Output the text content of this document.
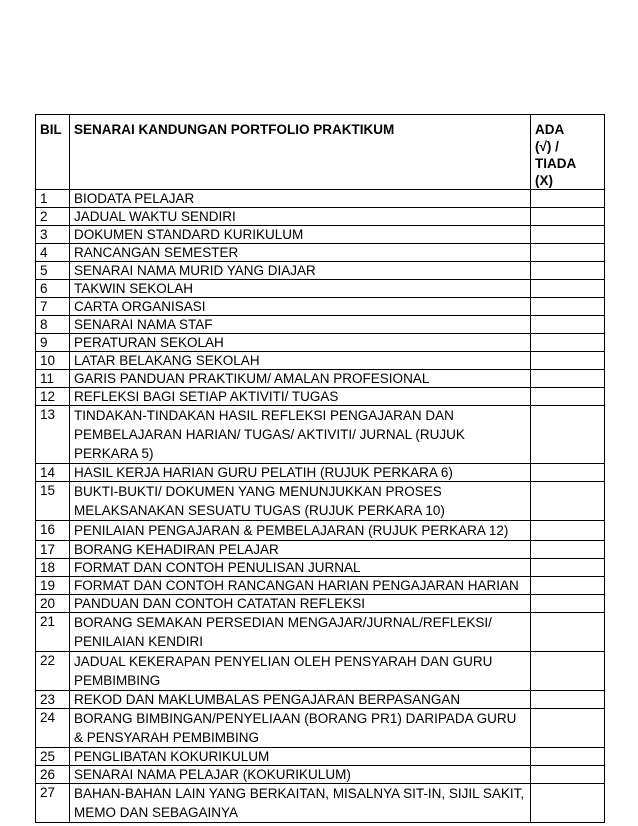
BIL	SENARAI KANDUNGAN PORTFOLIO PRAKTIKUM	ADA
(√) /
TIADA
(X)

1	BIODATA PELAJAR	
2	JADUAL WAKTU SENDIRI	
3	DOKUMEN STANDARD KURIKULUM	
4	RANCANGAN SEMESTER	
5	SENARAI NAMA MURID YANG DIAJAR	
6	TAKWIN SEKOLAH	
7	CARTA ORGANISASI	
8	SENARAI NAMA STAF	
9	PERATURAN SEKOLAH	
10	LATAR BELAKANG SEKOLAH	
11	GARIS PANDUAN PRAKTIKUM/ AMALAN PROFESIONAL	
12	REFLEKSI BAGI SETIAP AKTIVITI/ TUGAS	
13	TINDAKAN-TINDAKAN HASIL REFLEKSI PENGAJARAN DAN PEMBELAJARAN HARIAN/ TUGAS/ AKTIVITI/ JURNAL (RUJUK PERKARA 5)	
14	HASIL KERJA HARIAN GURU PELATIH (RUJUK PERKARA 6)	
15	BUKTI-BUKTI/ DOKUMEN YANG MENUNJUKKAN PROSES MELAKSANAKAN SESUATU TUGAS (RUJUK PERKARA 10)	
16	PENILAIAN PENGAJARAN & PEMBELAJARAN (RUJUK PERKARA 12)	
17	BORANG KEHADIRAN PELAJAR	
18	FORMAT DAN CONTOH PENULISAN JURNAL	
19	FORMAT DAN CONTOH RANCANGAN HARIAN PENGAJARAN HARIAN	
20	PANDUAN DAN CONTOH CATATAN REFLEKSI	
21	BORANG SEMAKAN PERSEDIAN MENGAJAR/JURNAL/REFLEKSI/ PENILAIAN KENDIRI	
22	JADUAL KEKERAPAN PENYELIAN OLEH PENSYARAH DAN GURU PEMBIMBING	
23	REKOD DAN MAKLUMBALAS PENGAJARAN BERPASANGAN	
24	BORANG BIMBINGAN/PENYELIAAN (BORANG PR1) DARIPADA GURU & PENSYARAH PEMBIMBING	
25	PENGLIBATAN KOKURIKULUM	
26	SENARAI NAMA PELAJAR (KOKURIKULUM)	
27	BAHAN-BAHAN LAIN YANG BERKAITAN, MISALNYA SIT-IN, SIJIL SAKIT, MEMO DAN SEBAGAINYA	
